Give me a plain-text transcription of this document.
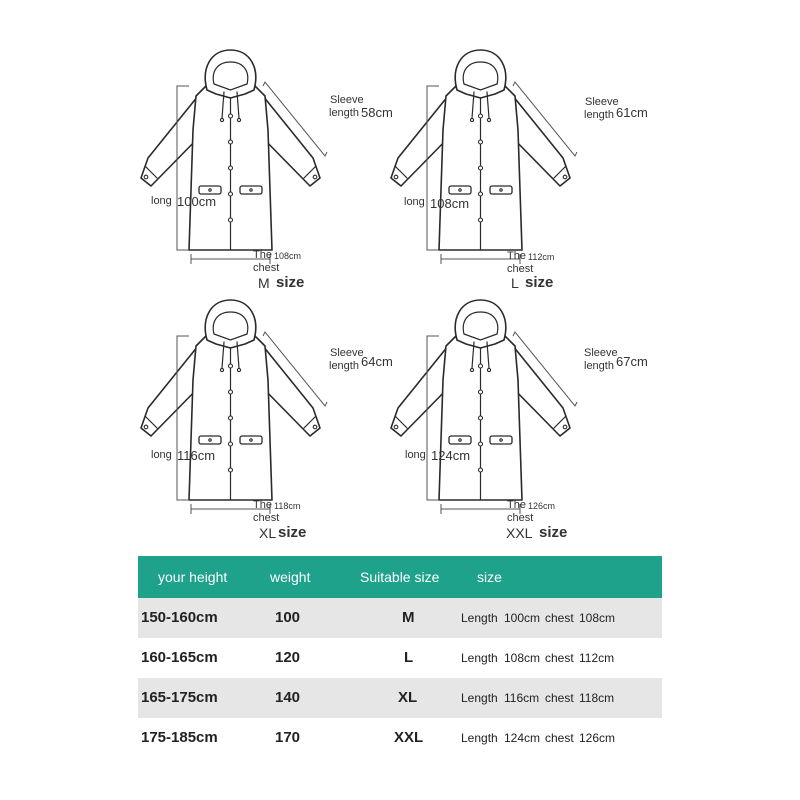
long 100cm
Sleeve
length 58cm
The 108cm
chest
M size
long 108cm
Sleeve
length 61cm
The 112cm
chest
L size
long 116cm
Sleeve
length 64cm
The 118cm
chest
XL size
long 124cm
Sleeve
length 67cm
The 126cm
chest
XXL size
your height	weight	Suitable size	size
150-160cm	100	M	Length 100cm chest 108cm
160-165cm	120	L	Length 108cm chest 112cm
165-175cm	140	XL	Length 116cm chest 118cm
175-185cm	170	XXL	Length 124cm chest 126cm
